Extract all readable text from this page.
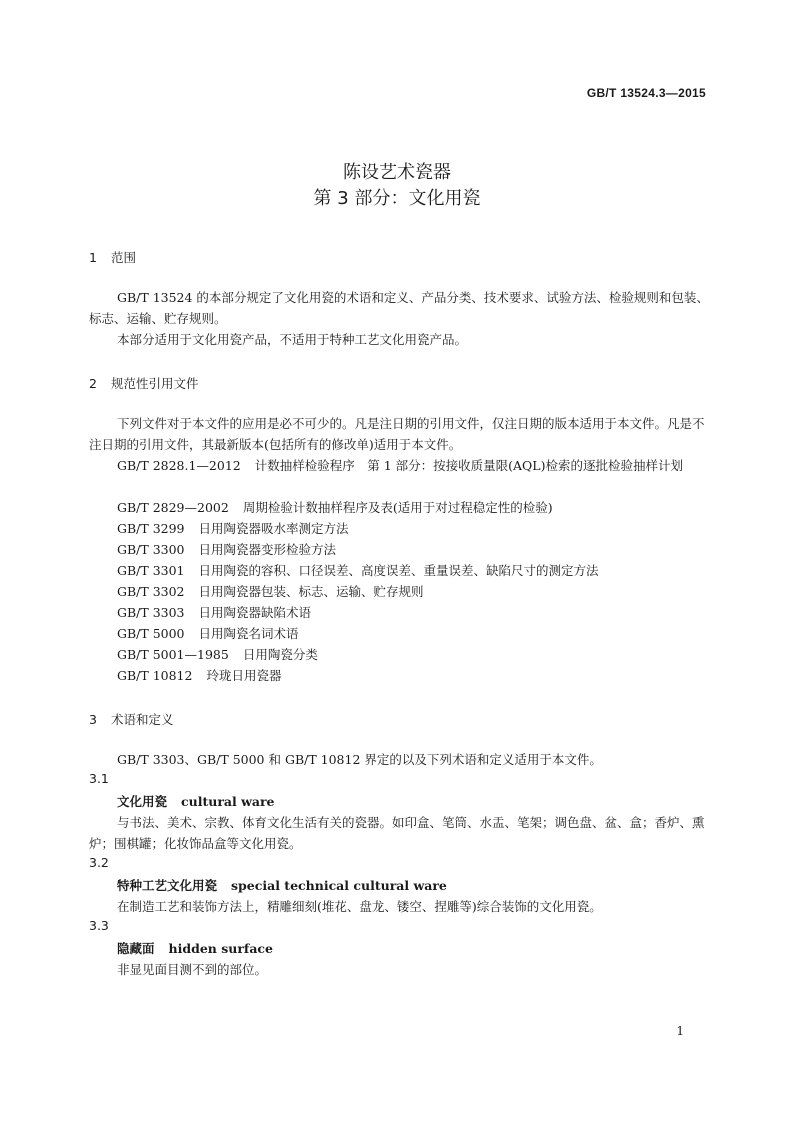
GB/T 13524.3—2015
陈设艺术瓷器
第 3 部分：文化用瓷
1 范围
GB/T 13524 的本部分规定了文化用瓷的术语和定义、产品分类、技术要求、试验方法、检验规则和包装、标志、运输、贮存规则。
本部分适用于文化用瓷产品，不适用于特种工艺文化用瓷产品。
2 规范性引用文件
下列文件对于本文件的应用是必不可少的。凡是注日期的引用文件，仅注日期的版本适用于本文件。凡是不注日期的引用文件，其最新版本(包括所有的修改单)适用于本文件。
GB/T 2828.1—2012 计数抽样检验程序　第 1 部分：按接收质量限(AQL)检索的逐批检验抽样计划
GB/T 2829—2002 周期检验计数抽样程序及表(适用于对过程稳定性的检验)
GB/T 3299 日用陶瓷器吸水率测定方法
GB/T 3300 日用陶瓷器变形检验方法
GB/T 3301 日用陶瓷的容积、口径误差、高度误差、重量误差、缺陷尺寸的测定方法
GB/T 3302 日用陶瓷器包装、标志、运输、贮存规则
GB/T 3303 日用陶瓷器缺陷术语
GB/T 5000 日用陶瓷名词术语
GB/T 5001—1985 日用陶瓷分类
GB/T 10812 玲珑日用瓷器
3 术语和定义
GB/T 3303、GB/T 5000 和 GB/T 10812 界定的以及下列术语和定义适用于本文件。
3.1
文化用瓷 cultural ware
与书法、美术、宗教、体育文化生活有关的瓷器。如印盒、笔筒、水盂、笔架；调色盘、盆、盒；香炉、熏炉；围棋罐；化妆饰品盒等文化用瓷。
3.2
特种工艺文化用瓷 special technical cultural ware
在制造工艺和装饰方法上，精雕细刻(堆花、盘龙、镂空、捏雕等)综合装饰的文化用瓷。
3.3
隐藏面 hidden surface
非显见面目测不到的部位。
1
